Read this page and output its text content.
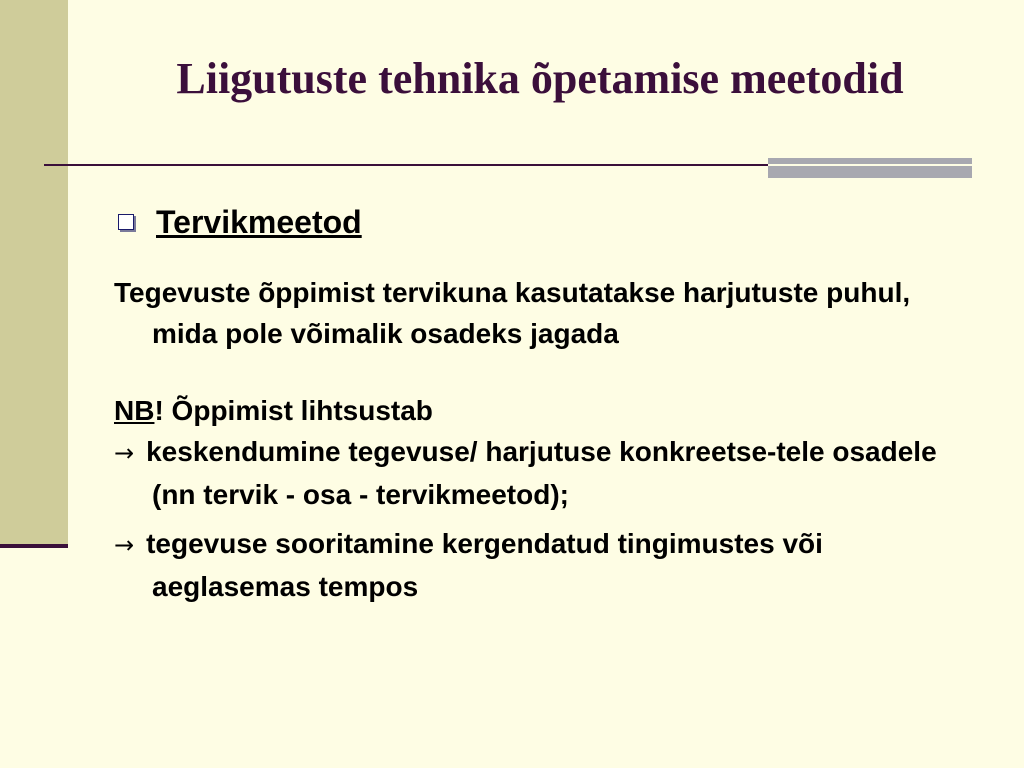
Liigutuste tehnika õpetamise meetodid
Tervikmeetod
Tegevuste õppimist tervikuna kasutatakse harjutuste puhul, mida pole võimalik osadeks jagada
NB! Õppimist lihtsustab
→ keskendumine tegevuse/ harjutuse konkreetse-tele osadele (nn tervik - osa - tervikmeetod);
→ tegevuse sooritamine kergendatud tingimustes või aeglasemas tempos
